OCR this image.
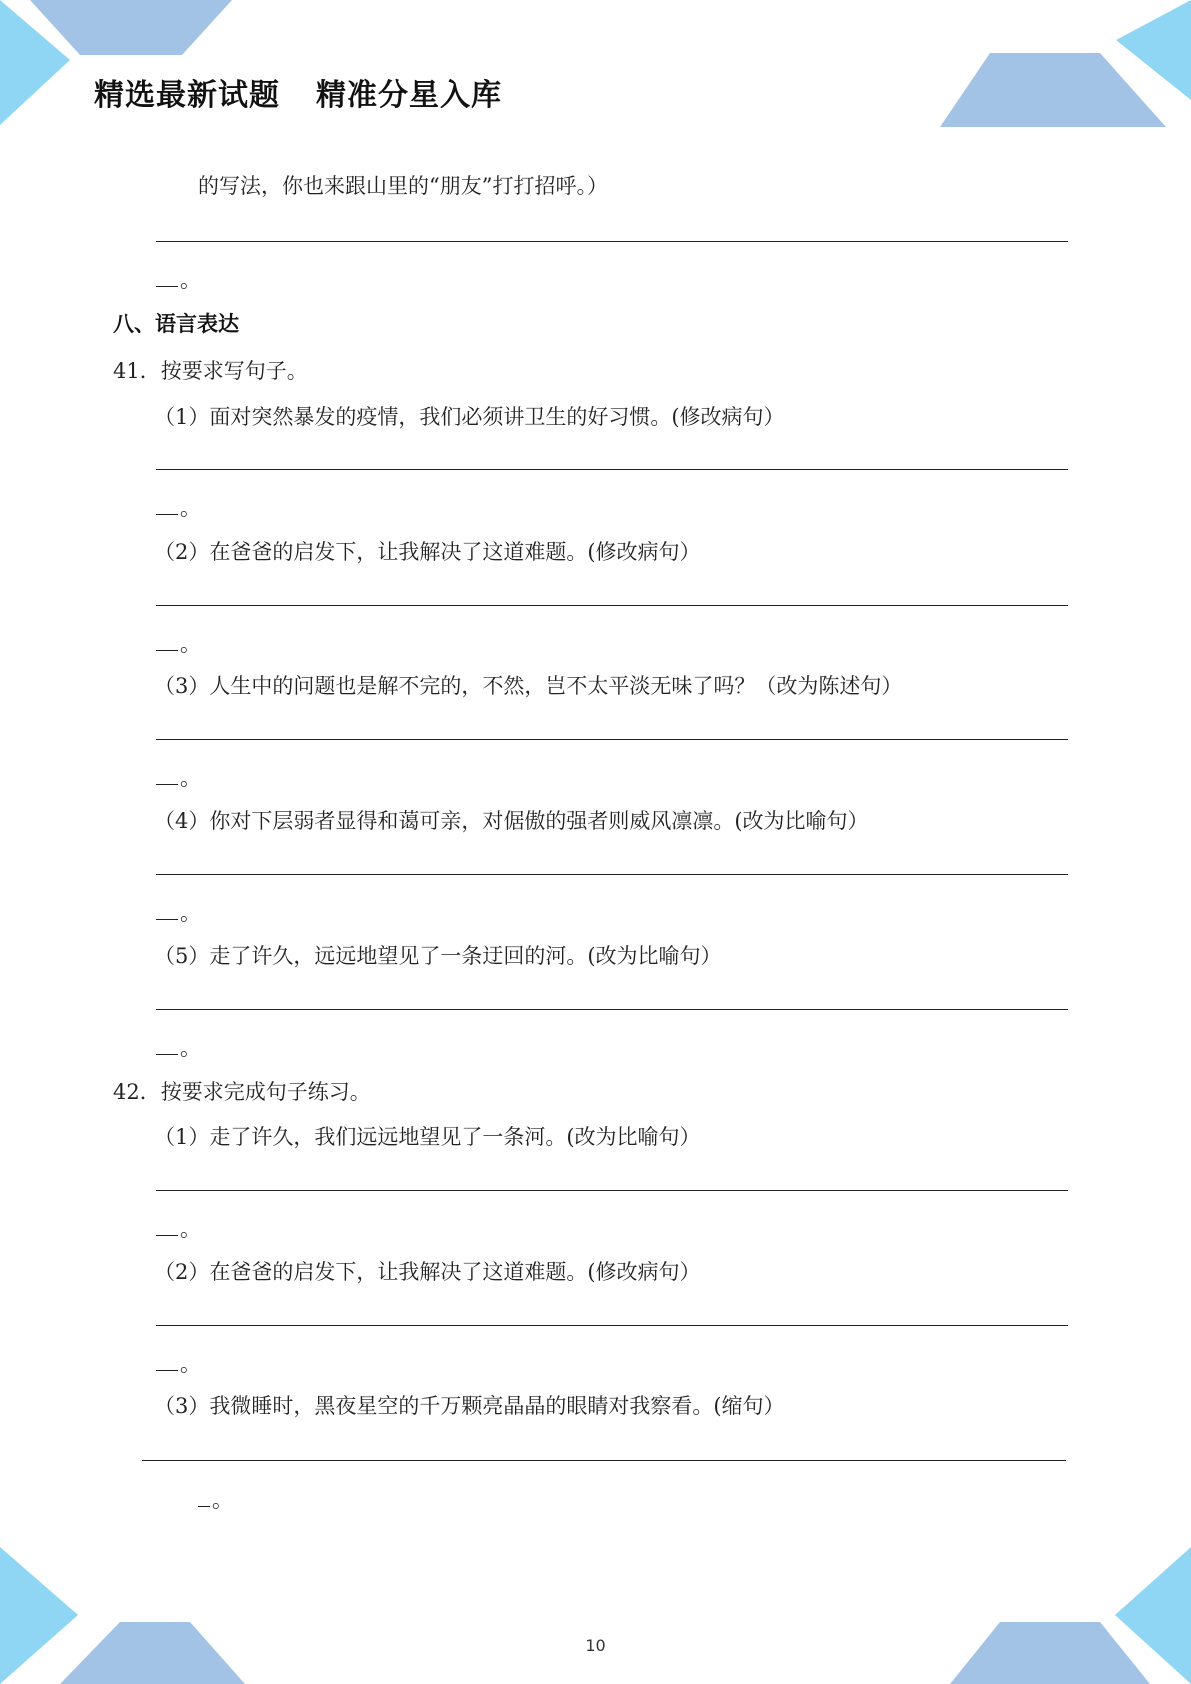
精选最新试题 精准分星入库
的写法，你也来跟山里的“朋友”打打招呼。）
。
八、语言表达
41．按要求写句子。
（1）面对突然暴发的疫情，我们必须讲卫生的好习惯。(修改病句）
。
（2）在爸爸的启发下，让我解决了这道难题。(修改病句）
。
（3）人生中的问题也是解不完的，不然，岂不太平淡无味了吗？（改为陈述句）
。
（4）你对下层弱者显得和蔼可亲，对倨傲的强者则威风凛凛。(改为比喻句）
。
（5）走了许久，远远地望见了一条迂回的河。(改为比喻句）
。
42．按要求完成句子练习。
（1）走了许久，我们远远地望见了一条河。(改为比喻句）
。
（2）在爸爸的启发下，让我解决了这道难题。(修改病句）
。
（3）我微睡时，黑夜星空的千万颗亮晶晶的眼睛对我察看。(缩句）
。
10
